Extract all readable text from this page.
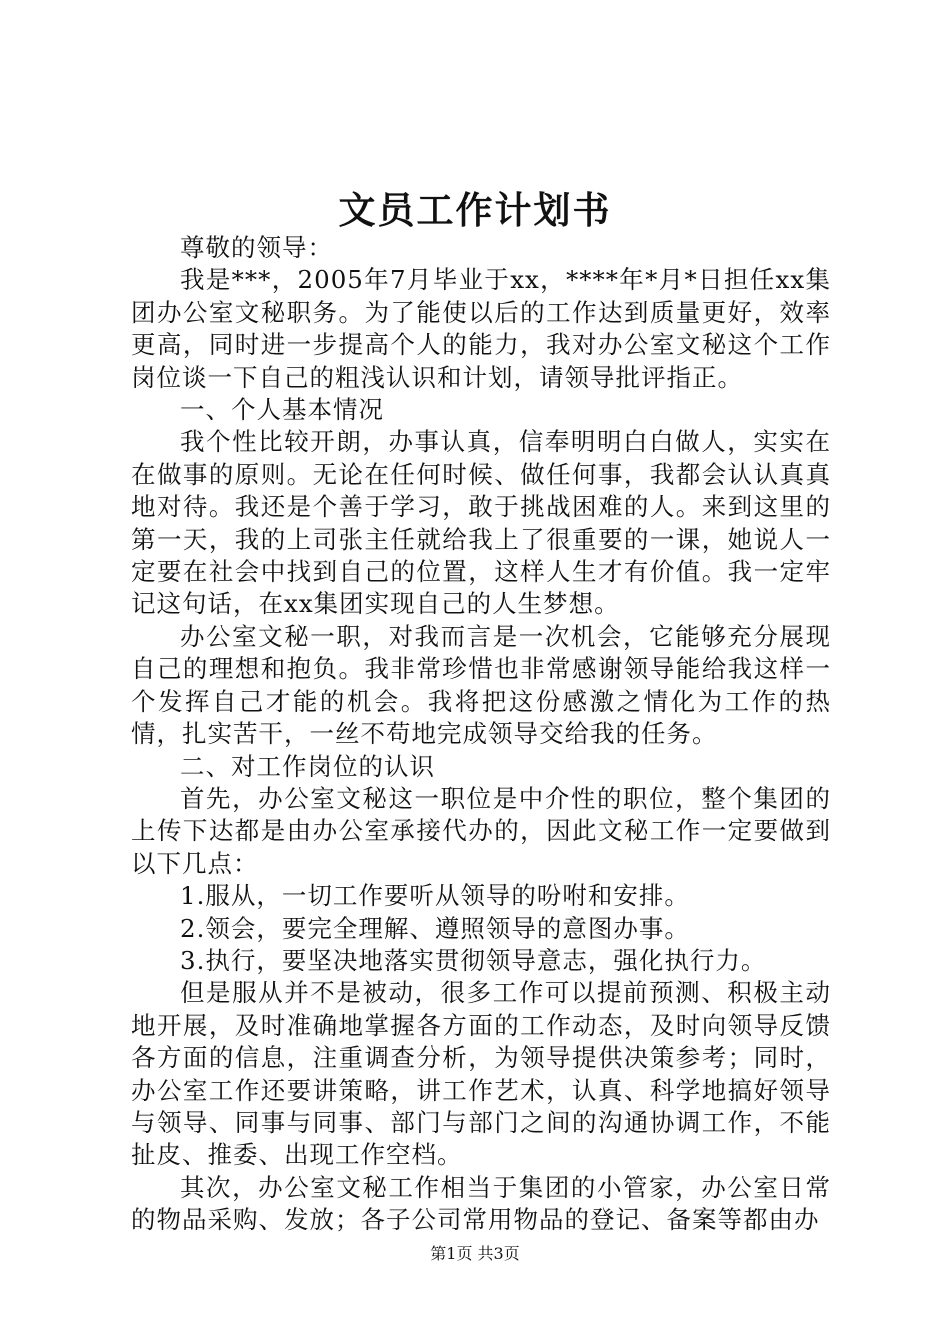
文员工作计划书

尊敬的领导：

我是***，2005年7月毕业于xx，****年*月*日担任xx集团办公室文秘职务。为了能使以后的工作达到质量更好，效率更高，同时进一步提高个人的能力，我对办公室文秘这个工作岗位谈一下自己的粗浅认识和计划，请领导批评指正。

一、个人基本情况

我个性比较开朗，办事认真，信奉明明白白做人，实实在在做事的原则。无论在任何时候、做任何事，我都会认认真真地对待。我还是个善于学习，敢于挑战困难的人。来到这里的第一天，我的上司张主任就给我上了很重要的一课，她说人一定要在社会中找到自己的位置，这样人生才有价值。我一定牢记这句话，在xx集团实现自己的人生梦想。

办公室文秘一职，对我而言是一次机会，它能够充分展现自己的理想和抱负。我非常珍惜也非常感谢领导能给我这样一个发挥自己才能的机会。我将把这份感激之情化为工作的热情，扎实苦干，一丝不苟地完成领导交给我的任务。

二、对工作岗位的认识

首先，办公室文秘这一职位是中介性的职位，整个集团的上传下达都是由办公室承接代办的，因此文秘工作一定要做到以下几点：

1.服从，一切工作要听从领导的吩咐和安排。

2.领会，要完全理解、遵照领导的意图办事。

3.执行，要坚决地落实贯彻领导意志，强化执行力。

但是服从并不是被动，很多工作可以提前预测、积极主动地开展，及时准确地掌握各方面的工作动态，及时向领导反馈各方面的信息，注重调查分析，为领导提供决策参考；同时，办公室工作还要讲策略，讲工作艺术，认真、科学地搞好领导与领导、同事与同事、部门与部门之间的沟通协调工作，不能扯皮、推委、出现工作空档。

其次，办公室文秘工作相当于集团的小管家，办公室日常的物品采购、发放；各子公司常用物品的登记、备案等都由办

第1页 共3页
